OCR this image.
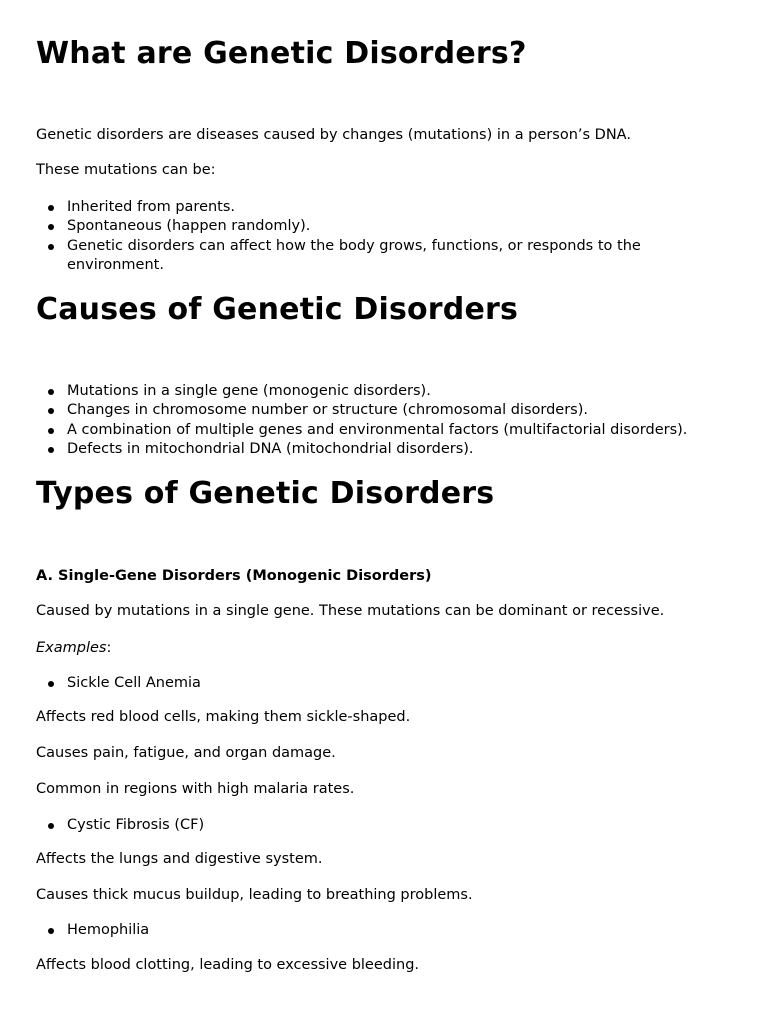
What are Genetic Disorders?

Genetic disorders are diseases caused by changes (mutations) in a person’s DNA.

These mutations can be:

Inherited from parents.
Spontaneous (happen randomly).
Genetic disorders can affect how the body grows, functions, or responds to the environment.
Causes of Genetic Disorders
Mutations in a single gene (monogenic disorders).
Changes in chromosome number or structure (chromosomal disorders).
A combination of multiple genes and environmental factors (multifactorial disorders).
Defects in mitochondrial DNA (mitochondrial disorders).
Types of Genetic Disorders

A. Single-Gene Disorders (Monogenic Disorders)

Caused by mutations in a single gene. These mutations can be dominant or recessive.

Examples:

Sickle Cell Anemia

Affects red blood cells, making them sickle-shaped.

Causes pain, fatigue, and organ damage.

Common in regions with high malaria rates.

Cystic Fibrosis (CF)

Affects the lungs and digestive system.

Causes thick mucus buildup, leading to breathing problems.

Hemophilia

Affects blood clotting, leading to excessive bleeding.
